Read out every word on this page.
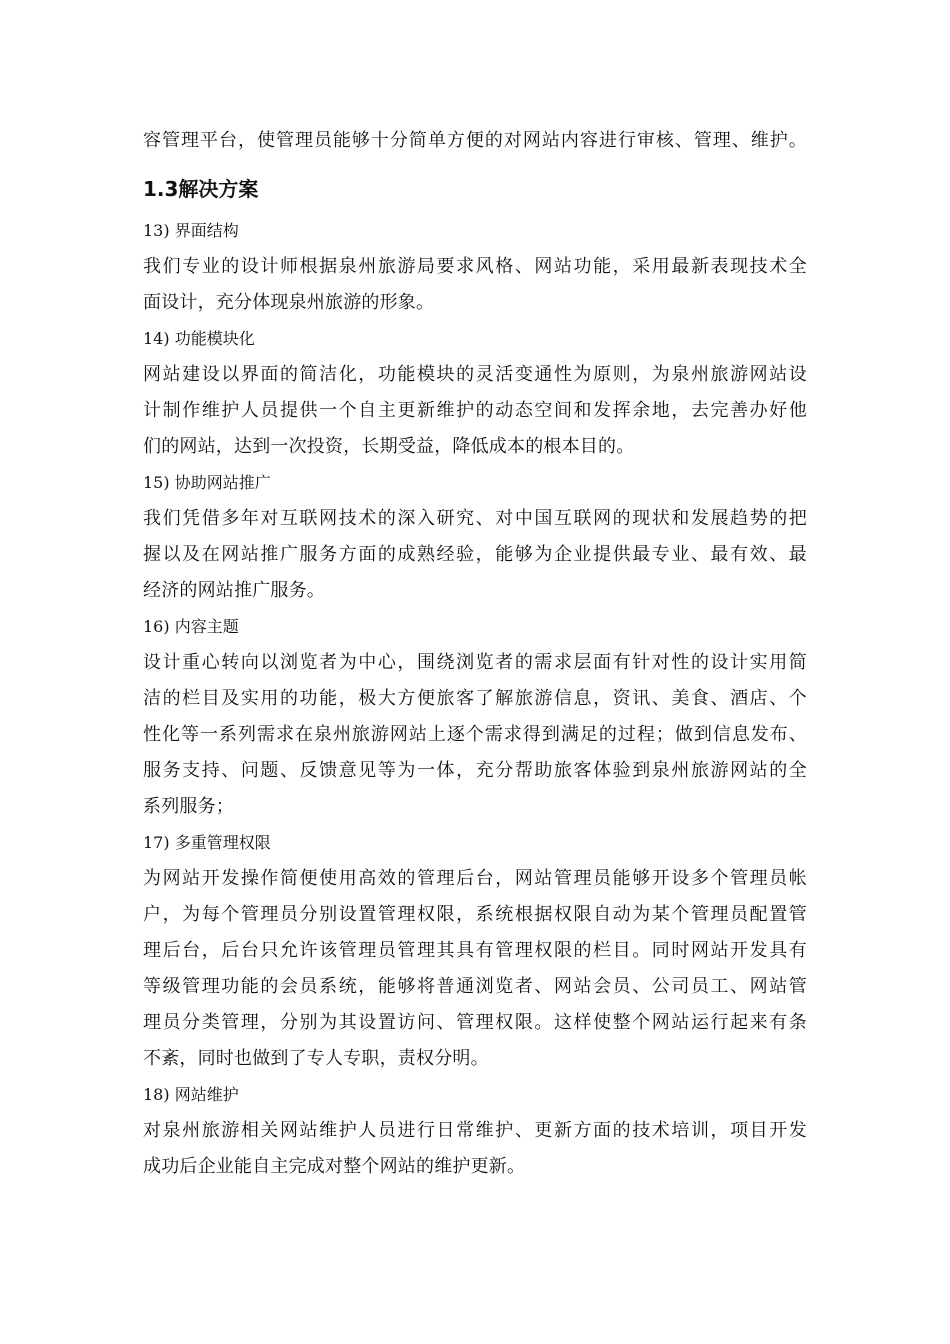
容管理平台，使管理员能够十分简单方便的对网站内容进行审核、管理、维护。
1.3解决方案
13) 界面结构
我们专业的设计师根据泉州旅游局要求风格、网站功能，采用最新表现技术全
面设计，充分体现泉州旅游的形象。
14) 功能模块化
网站建设以界面的简洁化，功能模块的灵活变通性为原则，为泉州旅游网站设
计制作维护人员提供一个自主更新维护的动态空间和发挥余地，去完善办好他
们的网站，达到一次投资，长期受益，降低成本的根本目的。
15) 协助网站推广
我们凭借多年对互联网技术的深入研究、对中国互联网的现状和发展趋势的把
握以及在网站推广服务方面的成熟经验，能够为企业提供最专业、最有效、最
经济的网站推广服务。
16) 内容主题
设计重心转向以浏览者为中心，围绕浏览者的需求层面有针对性的设计实用简
洁的栏目及实用的功能，极大方便旅客了解旅游信息，资讯、美食、酒店、个
性化等一系列需求在泉州旅游网站上逐个需求得到满足的过程；做到信息发布、
服务支持、问题、反馈意见等为一体，充分帮助旅客体验到泉州旅游网站的全
系列服务；
17) 多重管理权限
为网站开发操作简便使用高效的管理后台，网站管理员能够开设多个管理员帐
户，为每个管理员分别设置管理权限，系统根据权限自动为某个管理员配置管
理后台，后台只允许该管理员管理其具有管理权限的栏目。同时网站开发具有
等级管理功能的会员系统，能够将普通浏览者、网站会员、公司员工、网站管
理员分类管理，分别为其设置访问、管理权限。这样使整个网站运行起来有条
不紊，同时也做到了专人专职，责权分明。
18) 网站维护
对泉州旅游相关网站维护人员进行日常维护、更新方面的技术培训，项目开发
成功后企业能自主完成对整个网站的维护更新。
